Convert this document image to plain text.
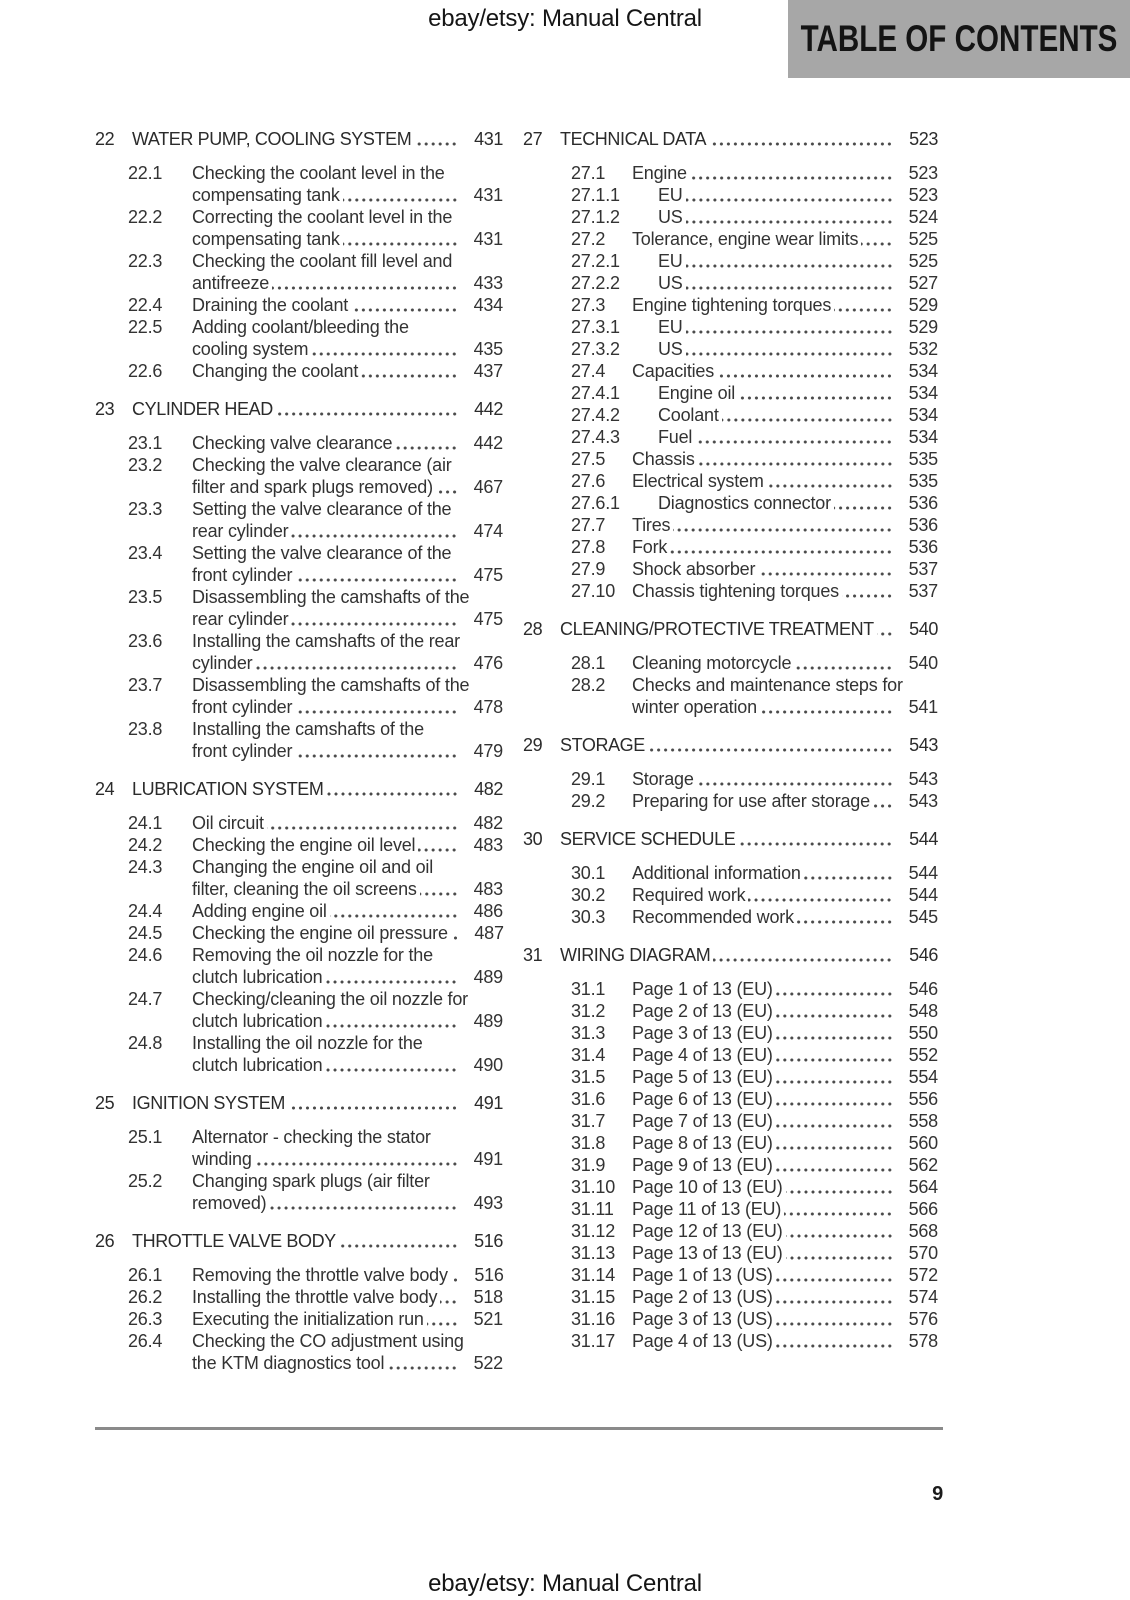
ebay/etsy: Manual Central	TABLE OF CONTENTS
22 WATER PUMP, COOLING SYSTEM	431
22.1	Checking the coolant level in the
compensating tank	431
22.2	Correcting the coolant level in the
compensating tank	431
22.3	Checking the coolant fill level and
antifreeze	433
22.4	Draining the coolant	434
22.5	Adding coolant/bleeding the
cooling system	435
22.6	Changing the coolant	437
23 CYLINDER HEAD	442
23.1	Checking valve clearance	442
23.2	Checking the valve clearance (air
filter and spark plugs removed)	467
23.3	Setting the valve clearance of the
rear cylinder	474
23.4	Setting the valve clearance of the
front cylinder	475
23.5	Disassembling the camshafts of the
rear cylinder	475
23.6	Installing the camshafts of the rear
cylinder	476
23.7	Disassembling the camshafts of the
front cylinder	478
23.8	Installing the camshafts of the
front cylinder	479
24 LUBRICATION SYSTEM	482
24.1	Oil circuit	482
24.2	Checking the engine oil level	483
24.3	Changing the engine oil and oil
filter, cleaning the oil screens	483
24.4	Adding engine oil	486
24.5	Checking the engine oil pressure	487
24.6	Removing the oil nozzle for the
clutch lubrication	489
24.7	Checking/cleaning the oil nozzle for
clutch lubrication	489
24.8	Installing the oil nozzle for the
clutch lubrication	490
25 IGNITION SYSTEM	491
25.1	Alternator - checking the stator
winding	491
25.2	Changing spark plugs (air filter
removed)	493
26 THROTTLE VALVE BODY	516
26.1	Removing the throttle valve body	516
26.2	Installing the throttle valve body	518
26.3	Executing the initialization run	521
26.4	Checking the CO adjustment using
the KTM diagnostics tool	522
27 TECHNICAL DATA	523
27.1	Engine	523
27.1.1	EU	523
27.1.2	US	524
27.2	Tolerance, engine wear limits	525
27.2.1	EU	525
27.2.2	US	527
27.3	Engine tightening torques	529
27.3.1	EU	529
27.3.2	US	532
27.4	Capacities	534
27.4.1	Engine oil	534
27.4.2	Coolant	534
27.4.3	Fuel	534
27.5	Chassis	535
27.6	Electrical system	535
27.6.1	Diagnostics connector	536
27.7	Tires	536
27.8	Fork	536
27.9	Shock absorber	537
27.10 Chassis tightening torques	537
28 CLEANING/PROTECTIVE TREATMENT	540
28.1	Cleaning motorcycle	540
28.2	Checks and maintenance steps for
winter operation	541
29 STORAGE	543
29.1	Storage	543
29.2	Preparing for use after storage	543
30 SERVICE SCHEDULE	544
30.1	Additional information	544
30.2	Required work	544
30.3	Recommended work	545
31 WIRING DIAGRAM	546
31.1	Page 1 of 13 (EU)	546
31.2	Page 2 of 13 (EU)	548
31.3	Page 3 of 13 (EU)	550
31.4	Page 4 of 13 (EU)	552
31.5	Page 5 of 13 (EU)	554
31.6	Page 6 of 13 (EU)	556
31.7	Page 7 of 13 (EU)	558
31.8	Page 8 of 13 (EU)	560
31.9	Page 9 of 13 (EU)	562
31.10 Page 10 of 13 (EU)	564
31.11	Page 11 of 13 (EU)	566
31.12 Page 12 of 13 (EU)	568
31.13 Page 13 of 13 (EU)	570
31.14 Page 1 of 13 (US)	572
31.15 Page 2 of 13 (US)	574
31.16 Page 3 of 13 (US)	576
31.17 Page 4 of 13 (US)	578
9
ebay/etsy: Manual Central
